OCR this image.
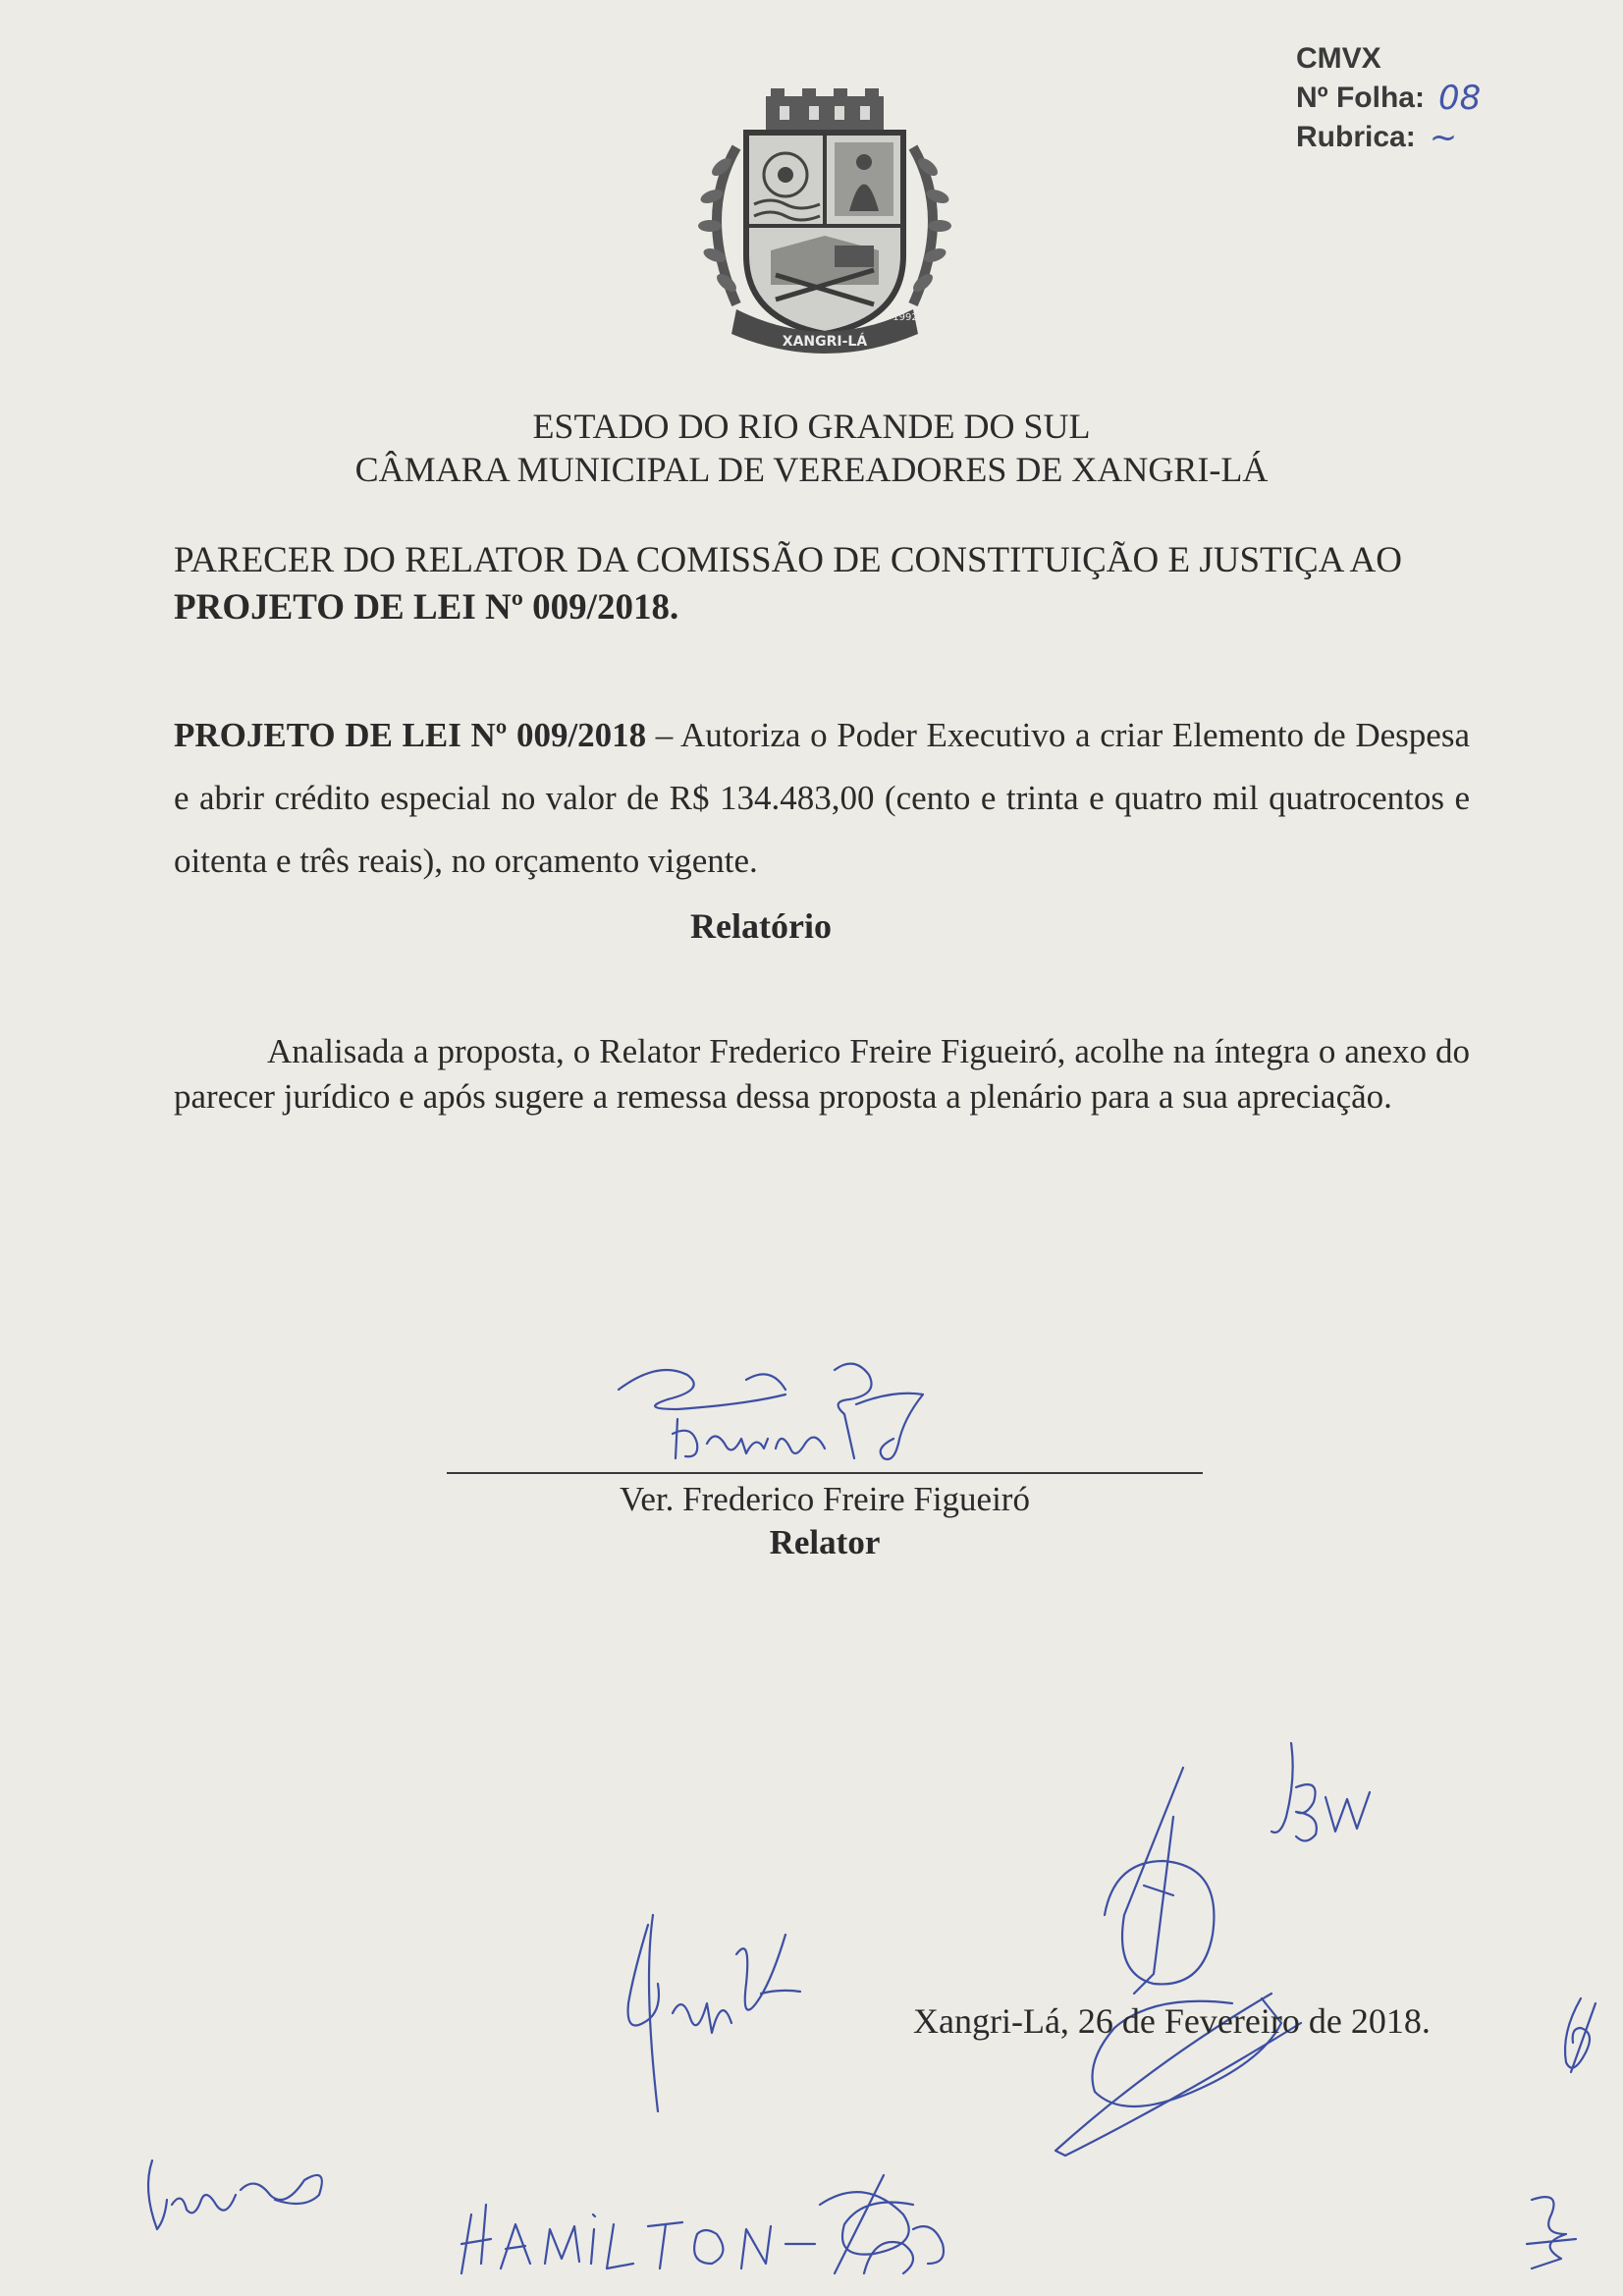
CMVX
Nº Folha: 08
Rubrica: ~
XANGRI-LÁ
1992
ESTADO DO RIO GRANDE DO SUL
CÂMARA MUNICIPAL DE VEREADORES DE XANGRI-LÁ
PARECER DO RELATOR DA COMISSÃO DE CONSTITUIÇÃO E JUSTIÇA AO
PROJETO DE LEI Nº 009/2018.
PROJETO DE LEI Nº 009/2018 – Autoriza o Poder Executivo a criar Elemento de Despesa e abrir crédito especial no valor de R$ 134.483,00 (cento e trinta e quatro mil quatrocentos e oitenta e três reais), no orçamento vigente.
Relatório
Analisada a proposta, o Relator Frederico Freire Figueiró, acolhe na íntegra o anexo do parecer jurídico e após sugere a remessa dessa proposta a plenário para a sua apreciação.
Ver. Frederico Freire Figueiró
Relator
Xangri-Lá, 26 de Fevereiro de 2018.
